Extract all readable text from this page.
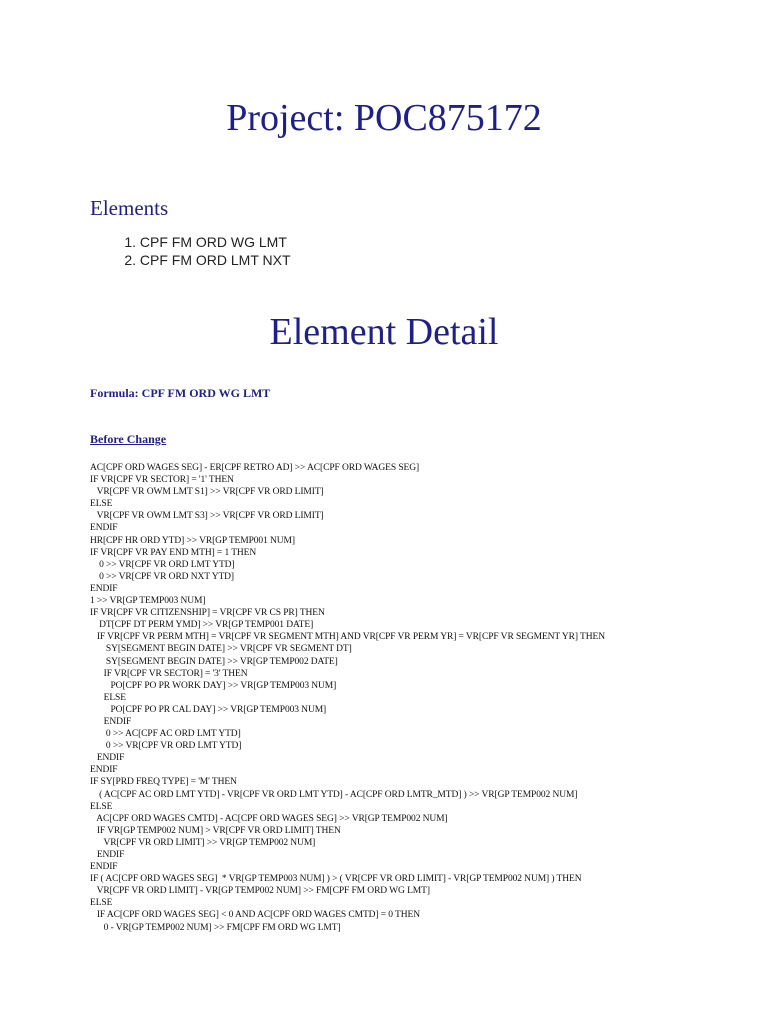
Project: POC875172
Elements
1. CPF FM ORD WG LMT
2. CPF FM ORD LMT NXT
Element Detail
Formula: CPF FM ORD WG LMT
Before Change
AC[CPF ORD WAGES SEG] - ER[CPF RETRO AD] >> AC[CPF ORD WAGES SEG]
IF VR[CPF VR SECTOR] = '1' THEN
VR[CPF VR OWM LMT S1] >> VR[CPF VR ORD LIMIT]
ELSE
VR[CPF VR OWM LMT S3] >> VR[CPF VR ORD LIMIT]
ENDIF
HR[CPF HR ORD YTD] >> VR[GP TEMP001 NUM]
IF VR[CPF VR PAY END MTH] = 1 THEN
0 >> VR[CPF VR ORD LMT YTD]
0 >> VR[CPF VR ORD NXT YTD]
ENDIF
1 >> VR[GP TEMP003 NUM]
IF VR[CPF VR CITIZENSHIP] = VR[CPF VR CS PR] THEN
DT[CPF DT PERM YMD] >> VR[GP TEMP001 DATE]
IF VR[CPF VR PERM MTH] = VR[CPF VR SEGMENT MTH] AND VR[CPF VR PERM YR] = VR[CPF VR SEGMENT YR] THEN
SY[SEGMENT BEGIN DATE] >> VR[CPF VR SEGMENT DT]
SY[SEGMENT BEGIN DATE] >> VR[GP TEMP002 DATE]
IF VR[CPF VR SECTOR] = '3' THEN
PO[CPF PO PR WORK DAY] >> VR[GP TEMP003 NUM]
ELSE
PO[CPF PO PR CAL DAY] >> VR[GP TEMP003 NUM]
ENDIF
0 >> AC[CPF AC ORD LMT YTD]
0 >> VR[CPF VR ORD LMT YTD]
ENDIF
ENDIF
IF SY[PRD FREQ TYPE] = 'M' THEN
( AC[CPF AC ORD LMT YTD] - VR[CPF VR ORD LMT YTD] - AC[CPF ORD LMTR_MTD] ) >> VR[GP TEMP002 NUM]
ELSE
AC[CPF ORD WAGES CMTD] - AC[CPF ORD WAGES SEG] >> VR[GP TEMP002 NUM]
IF VR[GP TEMP002 NUM] > VR[CPF VR ORD LIMIT] THEN
VR[CPF VR ORD LIMIT] >> VR[GP TEMP002 NUM]
ENDIF
ENDIF
IF ( AC[CPF ORD WAGES SEG]  * VR[GP TEMP003 NUM] ) > ( VR[CPF VR ORD LIMIT] - VR[GP TEMP002 NUM] ) THEN
VR[CPF VR ORD LIMIT] - VR[GP TEMP002 NUM] >> FM[CPF FM ORD WG LMT]
ELSE
IF AC[CPF ORD WAGES SEG] < 0 AND AC[CPF ORD WAGES CMTD] = 0 THEN
0 - VR[GP TEMP002 NUM] >> FM[CPF FM ORD WG LMT]
